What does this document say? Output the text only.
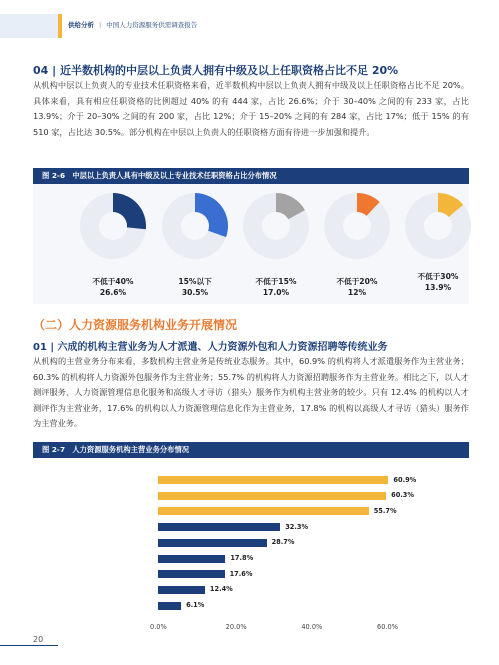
供给分析 | 中国人力资源服务供需调查报告
04 | 近半数机构的中层以上负责人拥有中级及以上任职资格占比不足 20%
从机构中层以上负责人的专业技术任职资格来看，近半数机构中层以上负责人拥有中级及以上任职资格占比不足 20%。具体来看，具有相应任职资格的比例超过 40% 的有 444 家，占比 26.6%；介于 30–40% 之间的有 233 家，占比 13.9%；介于 20–30% 之间的有 200 家，占比 12%；介于 15–20% 之间的有 284 家，占比 17%；低于 15% 的有 510 家，占比达 30.5%。部分机构在中层以上负责人的任职资格方面有待进一步加强和提升。
图 2-6　中层以上负责人具有中级及以上专业技术任职资格占比分布情况
不低于40%
26.6%
15%以下
30.5%
不低于15%
17.0%
不低于20%
12%
不低于30%
13.9%
（二）人力资源服务机构业务开展情况
01 | 六成的机构主营业务为人才派遣、人力资源外包和人力资源招聘等传统业务
从机构的主营业务分布来看，多数机构主营业务是传统业态服务。其中，60.9% 的机构将人才派遣服务作为主营业务；60.3% 的机构将人力资源外包服务作为主营业务；55.7% 的机构将人力资源招聘服务作为主营业务。相比之下，以人才测评服务、人力资源管理信息化服务和高级人才寻访（猎头）服务作为机构主营业务的较少。只有 12.4% 的机构以人才测评作为主营业务，17.6% 的机构以人力资源管理信息化作为主营业务，17.8% 的机构以高级人才寻访（猎头）服务作为主营业务。
图 2-7　人力资源服务机构主营业务分布情况
60.9%
60.3%
55.7%
32.3%
28.7%
17.8%
17.6%
12.4%
6.1%
0.0%	20.0%	40.0%	60.0%
20
